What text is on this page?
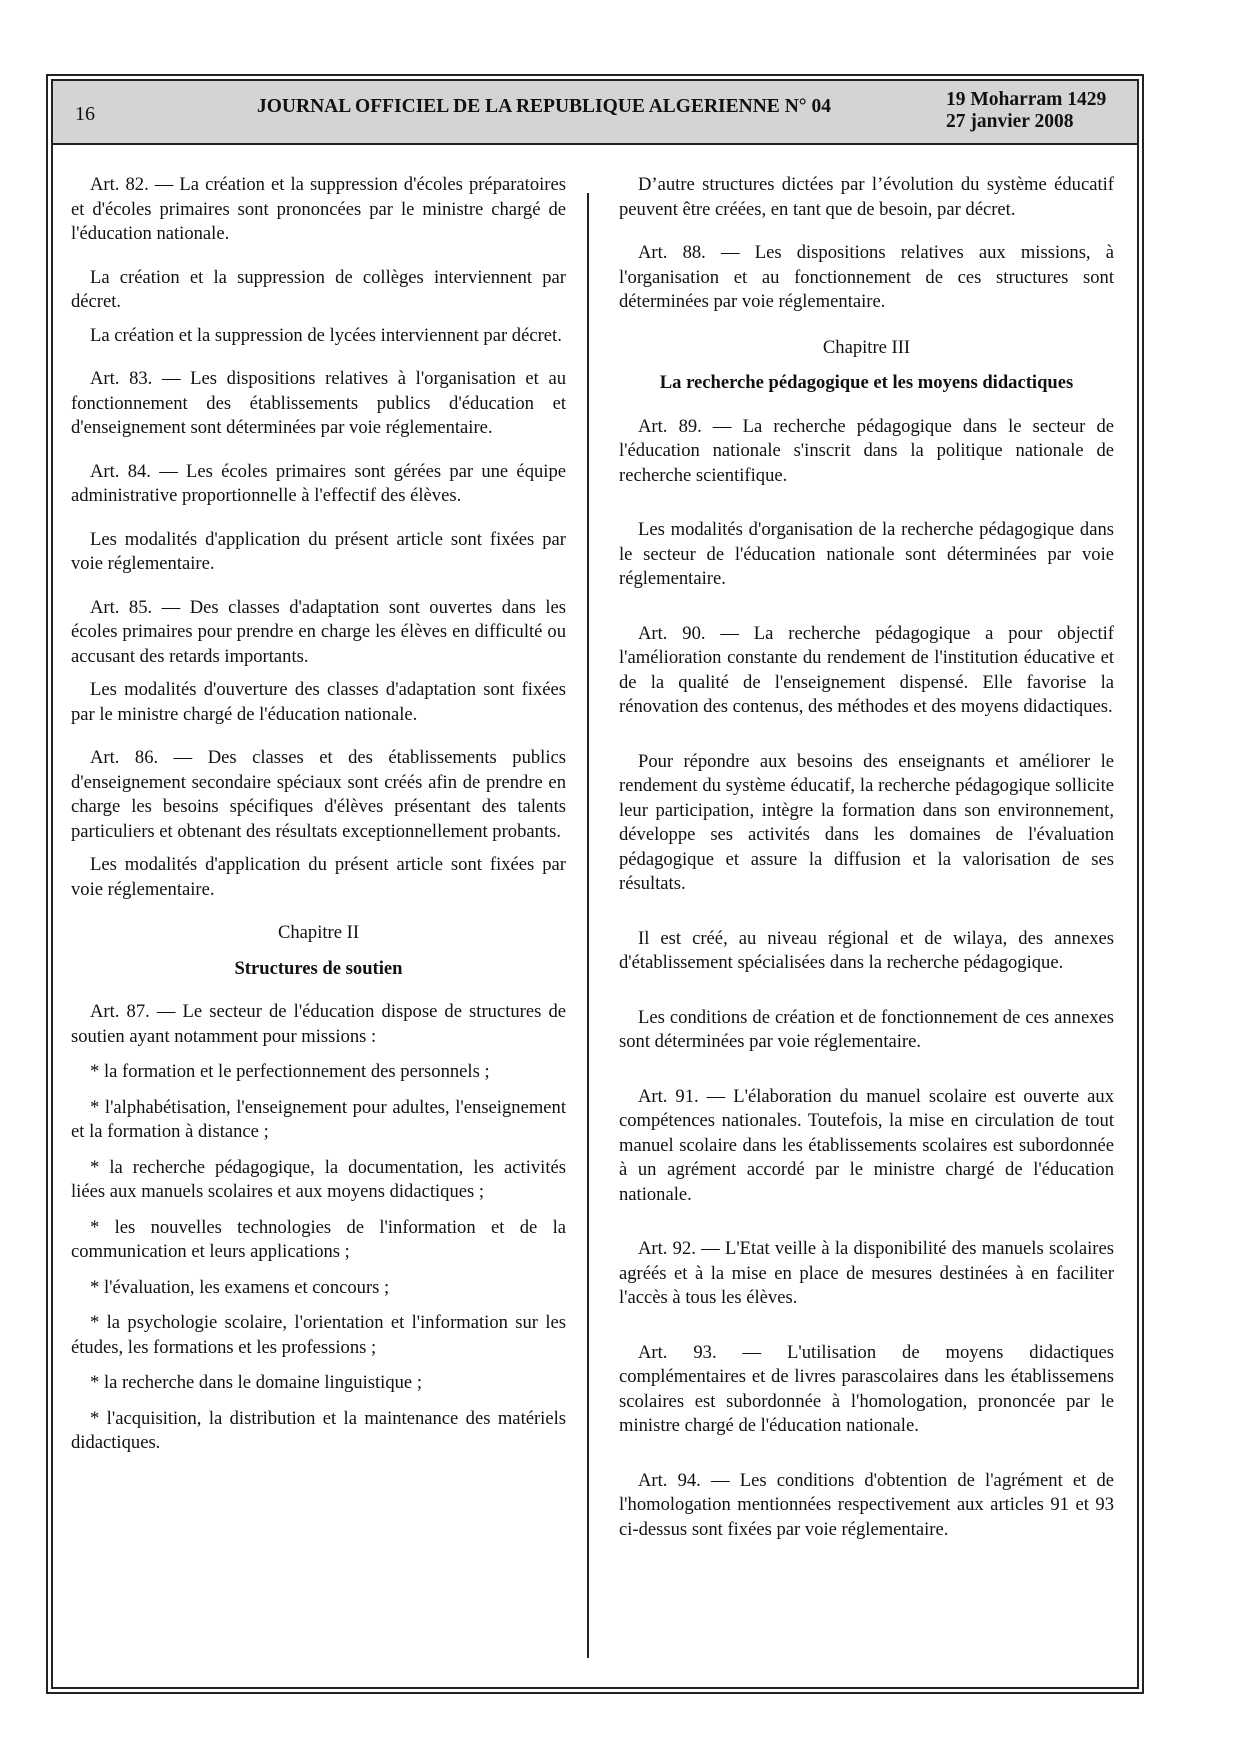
16	JOURNAL OFFICIEL DE LA REPUBLIQUE ALGERIENNE N° 04	19 Moharram 1429
27 janvier 2008

Art. 82. — La création et la suppression d'écoles préparatoires et d'écoles primaires sont prononcées par le ministre chargé de l'éducation nationale.

La création et la suppression de collèges interviennent par décret.

La création et la suppression de lycées interviennent par décret.

Art. 83. — Les dispositions relatives à l'organisation et au fonctionnement des établissements publics d'éducation et d'enseignement sont déterminées par voie réglementaire.

Art. 84. — Les écoles primaires sont gérées par une équipe administrative proportionnelle à l'effectif des élèves.

Les modalités d'application du présent article sont fixées par voie réglementaire.

Art. 85. — Des classes d'adaptation sont ouvertes dans les écoles primaires pour prendre en charge les élèves en difficulté ou accusant des retards importants.

Les modalités d'ouverture des classes d'adaptation sont fixées par le ministre chargé de l'éducation nationale.

Art. 86. — Des classes et des établissements publics d'enseignement secondaire spéciaux sont créés afin de prendre en charge les besoins spécifiques d'élèves présentant des talents particuliers et obtenant des résultats exceptionnellement probants.

Les modalités d'application du présent article sont fixées par voie réglementaire.

Chapitre II

Structures de soutien

Art. 87. — Le secteur de l'éducation dispose de structures de soutien ayant notamment pour missions :

* la formation et le perfectionnement des personnels ;

* l'alphabétisation, l'enseignement pour adultes, l'enseignement et la formation à distance ;

* la recherche pédagogique, la documentation, les activités liées aux manuels scolaires et aux moyens didactiques ;

* les nouvelles technologies de l'information et de la communication et leurs applications ;

* l'évaluation, les examens et concours ;

* la psychologie scolaire, l'orientation et l'information sur les études, les formations et les professions ;

* la recherche dans le domaine linguistique ;

* l'acquisition, la distribution et la maintenance des matériels didactiques.

D’autre structures dictées par l’évolution du système éducatif peuvent être créées, en tant que de besoin, par décret.

Art. 88. — Les dispositions relatives aux missions, à l'organisation et au fonctionnement de ces structures sont déterminées par voie réglementaire.

Chapitre III

La recherche pédagogique et les moyens didactiques

Art. 89. — La recherche pédagogique dans le secteur de l'éducation nationale s'inscrit dans la politique nationale de recherche scientifique.

Les modalités d'organisation de la recherche pédagogique dans le secteur de l'éducation nationale sont déterminées par voie réglementaire.

Art. 90. — La recherche pédagogique a pour objectif l'amélioration constante du rendement de l'institution éducative et de la qualité de l'enseignement dispensé. Elle favorise la rénovation des contenus, des méthodes et des moyens didactiques.

Pour répondre aux besoins des enseignants et améliorer le rendement du système éducatif, la recherche pédagogique sollicite leur participation, intègre la formation dans son environnement, développe ses activités dans les domaines de l'évaluation pédagogique et assure la diffusion et la valorisation de ses résultats.

Il est créé, au niveau régional et de wilaya, des annexes d'établissement spécialisées dans la recherche pédagogique.

Les conditions de création et de fonctionnement de ces annexes sont déterminées par voie réglementaire.

Art. 91. — L'élaboration du manuel scolaire est ouverte aux compétences nationales. Toutefois, la mise en circulation de tout manuel scolaire dans les établissements scolaires est subordonnée à un agrément accordé par le ministre chargé de l'éducation nationale.

Art. 92. — L'Etat veille à la disponibilité des manuels scolaires agréés et à la mise en place de mesures destinées à en faciliter l'accès à tous les élèves.

Art. 93. — L'utilisation de moyens didactiques complémentaires et de livres parascolaires dans les établissemens scolaires est subordonnée à l'homologation, prononcée par le ministre chargé de l'éducation nationale.

Art. 94. — Les conditions d'obtention de l'agrément et de l'homologation mentionnées respectivement aux articles 91 et 93 ci-dessus sont fixées par voie réglementaire.
